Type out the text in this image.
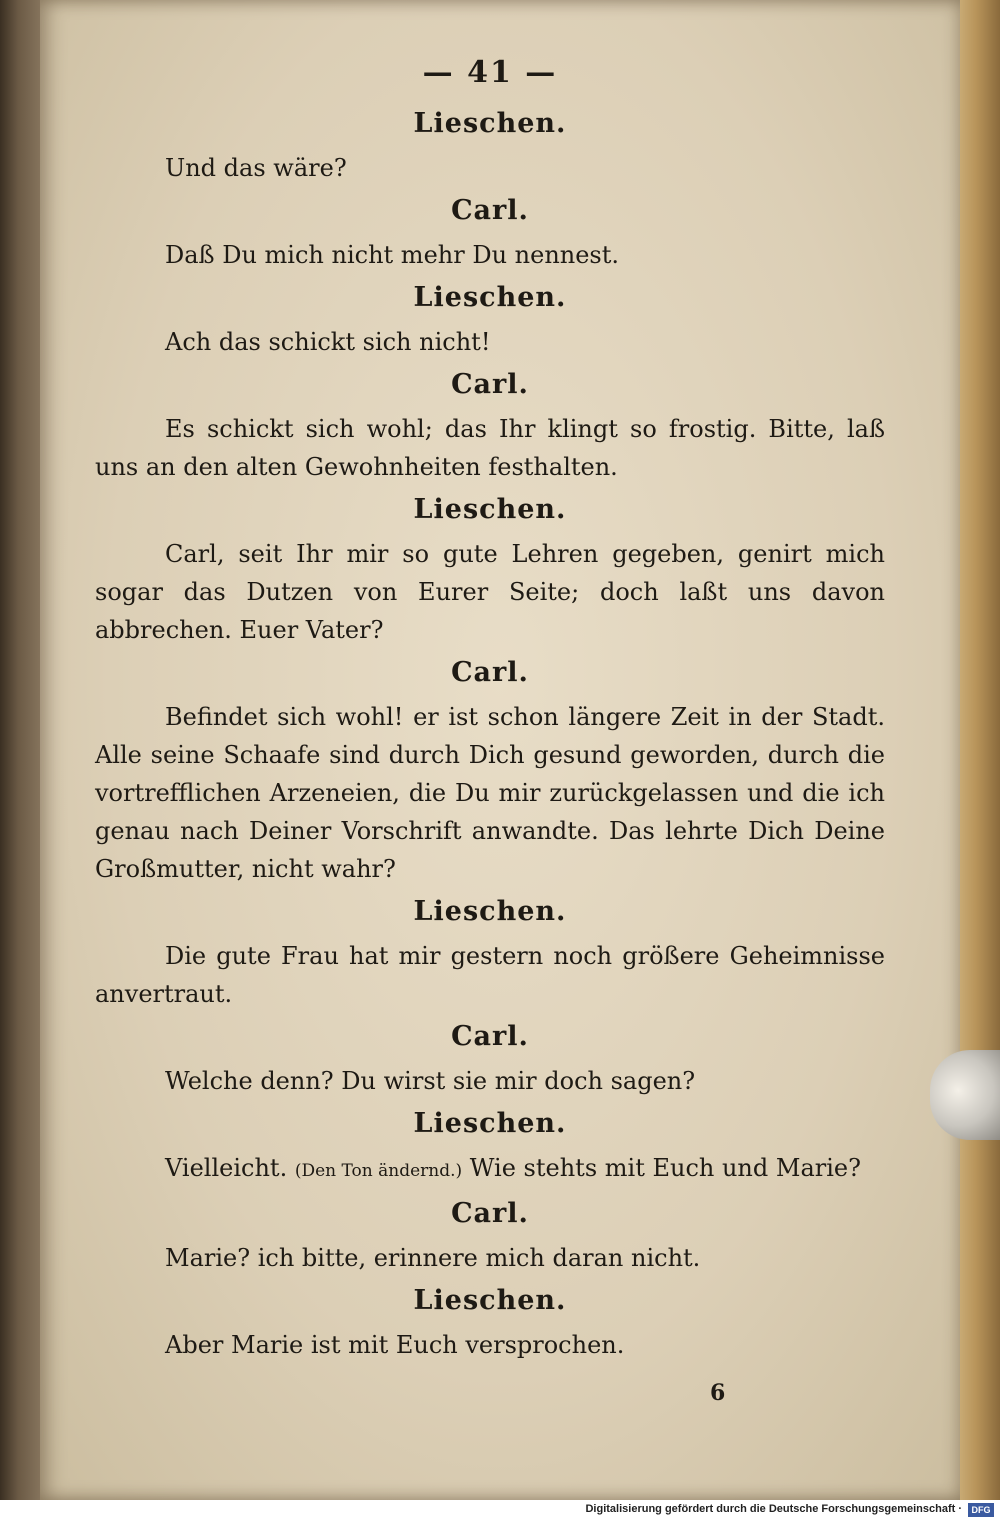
— 41 —
Lieschen.

Und das wäre?

Carl.

Daß Du mich nicht mehr Du nennest.

Lieschen.

Ach das schickt sich nicht!

Carl.

Es schickt sich wohl; das Ihr klingt so frostig. Bitte, laß uns an den alten Gewohnheiten festhalten.

Lieschen.

Carl, seit Ihr mir so gute Lehren gegeben, genirt mich sogar das Dutzen von Eurer Seite; doch laßt uns davon abbrechen. Euer Vater?

Carl.

Befindet sich wohl! er ist schon längere Zeit in der Stadt. Alle seine Schaafe sind durch Dich gesund geworden, durch die vortrefflichen Arzeneien, die Du mir zurückgelassen und die ich genau nach Deiner Vorschrift anwandte. Das lehrte Dich Deine Großmutter, nicht wahr?

Lieschen.

Die gute Frau hat mir gestern noch größere Geheimnisse anvertraut.

Carl.

Welche denn? Du wirst sie mir doch sagen?

Lieschen.

Vielleicht. (Den Ton ändernd.) Wie stehts mit Euch und Marie?

Carl.

Marie? ich bitte, erinnere mich daran nicht.

Lieschen.

Aber Marie ist mit Euch versprochen.

6
Digitalisierung gefördert durch die Deutsche Forschungsgemeinschaft ·	DFG
